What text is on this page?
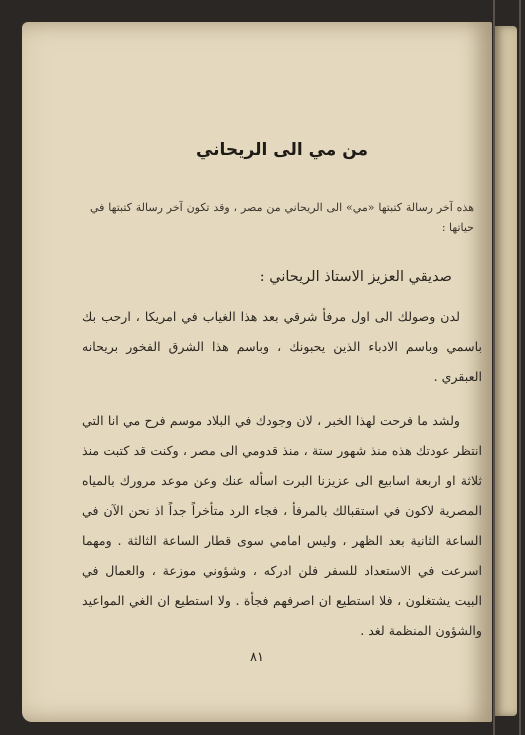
من مي الى الريحاني

هذه آخر رسالة كتبتها «مي» الى الريحاني من مصر ، وقد تكون آخر رسالة كتبتها في حياتها :

صديقي العزيز الاستاذ الريحاني :

لدن وصولك الى اول مرفأ شرقي بعد هذا الغياب في امريكا ، ارحب بك باسمي وباسم الادباء الذين يحبونك ، وباسم هذا الشرق الفخور بريحانه العبقري .

ولشد ما فرحت لهذا الخبر ، لان وجودك في البلاد موسم فرح مي انا التي انتظر عودتك هذه منذ شهور ستة ، منذ قدومي الى مصر ، وكنت قد كتبت منذ ثلاثة او اربعة اسابيع الى عزيزنا البرت اسأله عنك وعن موعد مرورك بالمياه المصرية لاكون في استقبالك بالمرفأ ، فجاء الرد متأخراً جداً اذ نحن الآن في الساعة الثانية بعد الظهر ، وليس امامي سوى قطار الساعة الثالثة . ومهما اسرعت في الاستعداد للسفر فلن ادركه ، وشؤوني موزعة ، والعمال في البيت يشتغلون ، فلا استطيع ان اصرفهم فجأة . ولا استطيع ان الغي المواعيد والشؤون المنظمة لغد .

٨١
